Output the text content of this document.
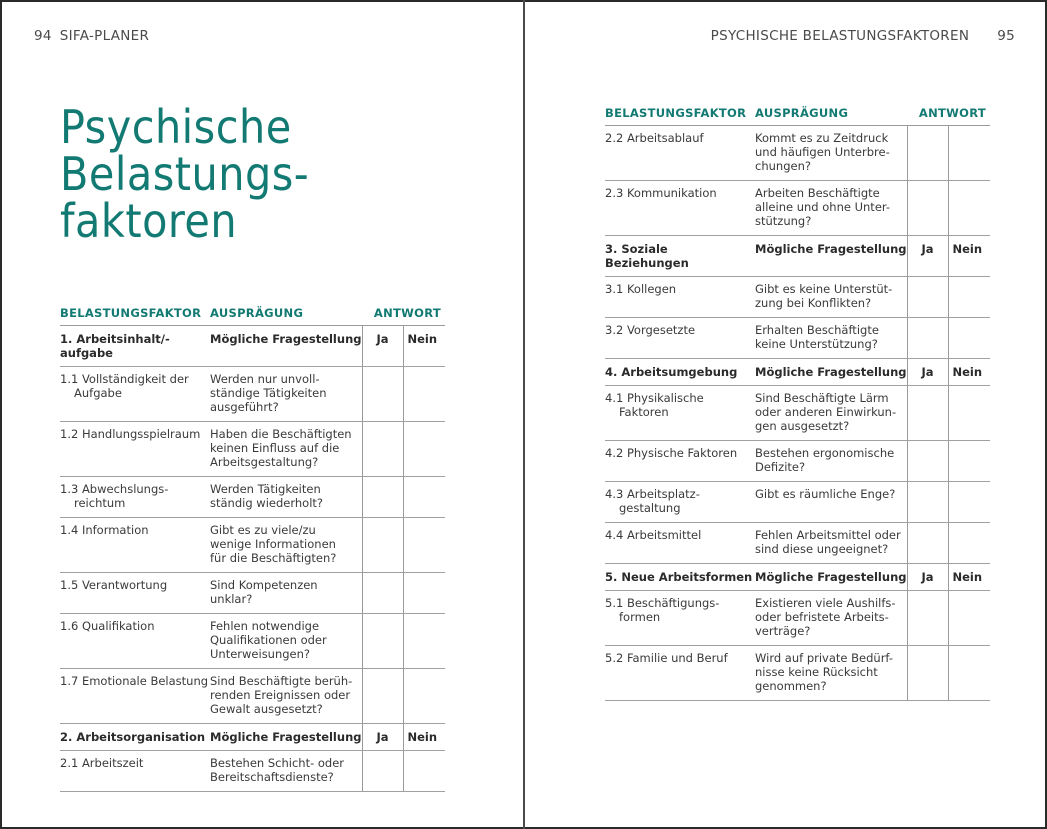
94 SIFA-PLANER
Psychische
Belastungs-
faktoren
BELASTUNGSFAKTOR	AUSPRÄGUNG	ANTWORT	
1. Arbeitsinhalt/-aufgabe	Mögliche Fragestellung	Ja	Nein

1.1 Vollständigkeit der
Aufgabe	Werden nur unvoll-
ständige Tätigkeiten
ausgeführt?		

1.2 Handlungsspielraum	Haben die Beschäftigten
keinen Einfluss auf die
Arbeitsgestaltung?		

1.3 Abwechslungs-
reichtum	Werden Tätigkeiten
ständig wiederholt?		

1.4 Information	Gibt es zu viele/zu
wenige Informationen
für die Beschäftigten?		

1.5 Verantwortung	Sind Kompetenzen
unklar?		

1.6 Qualifikation	Fehlen notwendige
Qualifikationen oder
Unterweisungen?		

1.7 Emotionale Belastung	Sind Beschäftigte berüh-
renden Ereignissen oder
Gewalt ausgesetzt?		

2. Arbeitsorganisation	Mögliche Fragestellung	Ja	Nein

2.1 Arbeitszeit	Bestehen Schicht- oder
Bereitschaftsdienste?		

PSYCHISCHE BELASTUNGSFAKTOREN 95
BELASTUNGSFAKTOR	AUSPRÄGUNG	ANTWORT	

2.2 Arbeitsablauf	Kommt es zu Zeitdruck
und häufigen Unterbre-
chungen?		

2.3 Kommunikation	Arbeiten Beschäftigte
alleine und ohne Unter-
stützung?		

3. Soziale Beziehungen	Mögliche Fragestellung	Ja	Nein

3.1 Kollegen	Gibt es keine Unterstüt-
zung bei Konflikten?		

3.2 Vorgesetzte	Erhalten Beschäftigte
keine Unterstützung?		

4. Arbeitsumgebung	Mögliche Fragestellung	Ja	Nein

4.1 Physikalische
Faktoren	Sind Beschäftigte Lärm
oder anderen Einwirkun-
gen ausgesetzt?		

4.2 Physische Faktoren	Bestehen ergonomische
Defizite?		

4.3 Arbeitsplatz-
gestaltung	Gibt es räumliche Enge?		

4.4 Arbeitsmittel	Fehlen Arbeitsmittel oder
sind diese ungeeignet?		

5. Neue Arbeitsformen	Mögliche Fragestellung	Ja	Nein

5.1 Beschäftigungs-
formen	Existieren viele Aushilfs-
oder befristete Arbeits-
verträge?		

5.2 Familie und Beruf	Wird auf private Bedürf-
nisse keine Rücksicht
genommen?		
